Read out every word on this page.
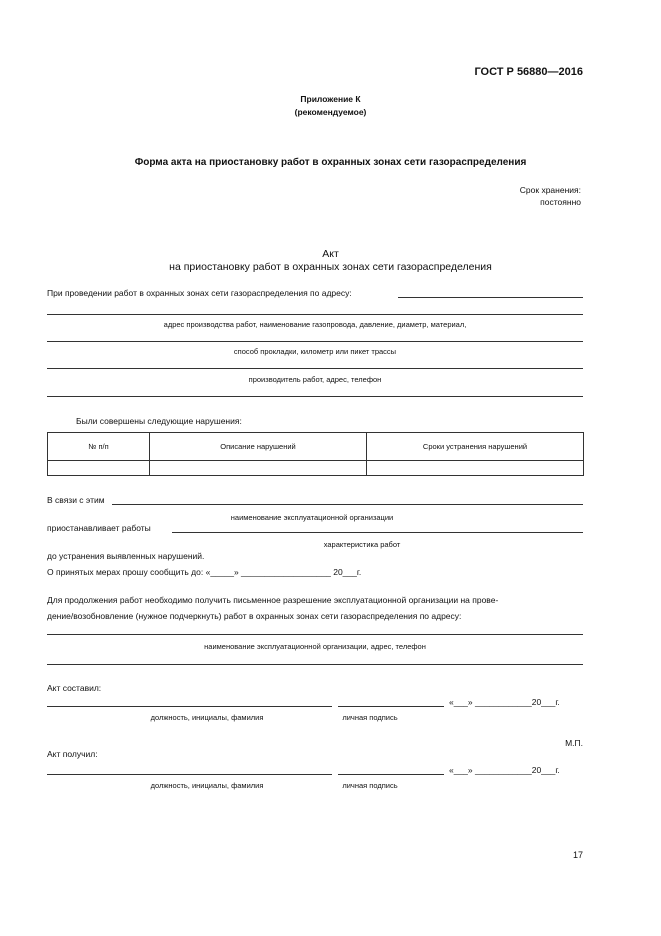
ГОСТ Р 56880—2016
Приложение К
(рекомендуемое)
Форма акта на приостановку работ в охранных зонах сети газораспределения
Срок хранения:
постоянно
Акт
на приостановку работ в охранных зонах сети газораспределения
При проведении работ в охранных зонах сети газораспределения по адресу:
адрес производства работ, наименование газопровода, давление, диаметр, материал,
способ прокладки, километр или пикет трассы
производитель работ, адрес, телефон
Были совершены следующие нарушения:
№ п/п	Описание нарушений	Сроки устранения нарушений

В связи с этим
наименование эксплуатационной организации
приостанавливает работы
характеристика работ
до устранения выявленных нарушений.
О принятых мерах прошу сообщить до: «_____» ___________________ 20___г.
Для продолжения работ необходимо получить письменное разрешение эксплуатационной организации на прове-
дение/возобновление (нужное подчеркнуть) работ в охранных зонах сети газораспределения по адресу:
наименование эксплуатационной организации, адрес, телефон
Акт составил:
«___» ____________20___г.
должность, инициалы, фамилия	личная подпись
М.П.
Акт получил:
«___» ____________20___г.
должность, инициалы, фамилия	личная подпись
17
